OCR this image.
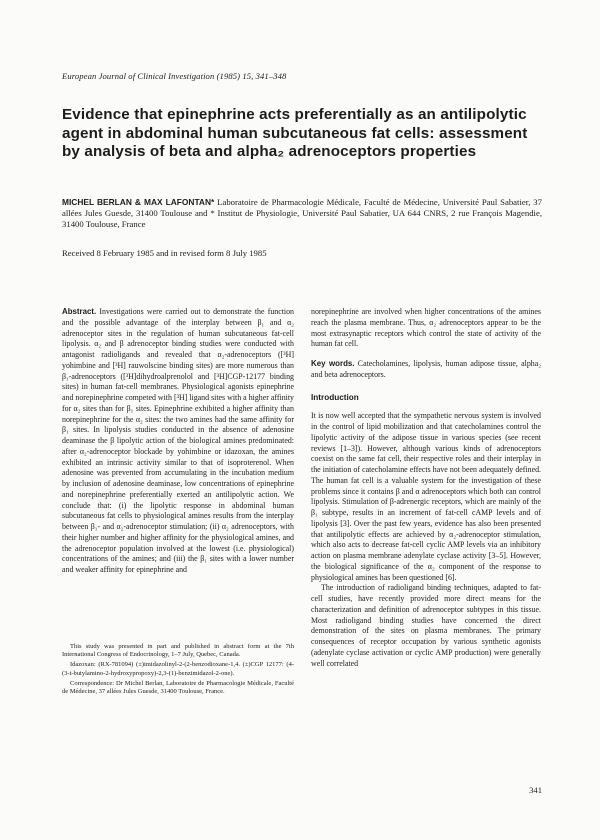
European Journal of Clinical Investigation (1985) 15, 341–348
Evidence that epinephrine acts preferentially as an antilipolytic agent in abdominal human subcutaneous fat cells: assessment by analysis of beta and alpha₂ adrenoceptors properties
MICHEL BERLAN & MAX LAFONTAN* Laboratoire de Pharmacologie Médicale, Faculté de Médecine, Université Paul Sabatier, 37 allées Jules Guesde, 31400 Toulouse and * Institut de Physiologie, Université Paul Sabatier, UA 644 CNRS, 2 rue François Magendie, 31400 Toulouse, France
Received 8 February 1985 and in revised form 8 July 1985

Abstract. Investigations were carried out to demonstrate the function and the possible advantage of the interplay between β₁ and α₂ adrenoceptor sites in the regulation of human subcutaneous fat-cell lipolysis. α₂ and β adrenoceptor binding studies were conducted with antagonist radioligands and revealed that α₂-adrenoceptors ([³H] yohimbine and [³H] rauwolscine binding sites) are more numerous than β₁-adrenoceptors ([³H]dihydroalprenolol and [³H]CGP-12177 binding sites) in human fat-cell membranes. Physiological agonists epinephrine and norepinephrine competed with [³H] ligand sites with a higher affinity for α₂ sites than for β₁ sites. Epinephrine exhibited a higher affinity than norepinephrine for the α₂ sites: the two amines had the same affinity for β₁ sites. In lipolysis studies conducted in the absence of adenosine deaminase the β lipolytic action of the biological amines predominated: after α₂-adrenoceptor blockade by yohimbine or idazoxan, the amines exhibited an intrinsic activity similar to that of isoproterenol. When adenosine was prevented from accumulating in the incubation medium by inclusion of adenosine deaminase, low concentrations of epinephrine and norepinephrine preferentially exerted an antilipolytic action. We conclude that: (i) the lipolytic response in abdominal human subcutaneous fat cells to physiological amines results from the interplay between β₁- and α₂-adrenoceptor stimulation; (ii) α₂ adrenoceptors, with their higher number and higher affinity for the physiological amines, and the adrenoceptor population involved at the lowest (i.e. physiological) concentrations of the amines; and (iii) the β₁ sites with a lower number and weaker affinity for epinephrine and

This study was presented in part and published in abstract form at the 7th International Congress of Endocrinology, 1–7 July, Quebec, Canada.

Idazoxan: (RX-781094) (±)imidazolinyl-2-(2-benzodioxane-1,4. (±)CGP 12177: (4-(3-t-butylamino-2-hydroxypropoxy)-2,3-(1)-benzimidazol-2-one).

Correspondence: Dr Michel Berlan, Laboratoire de Pharmacologie Médicale, Faculté de Médecine, 37 allées Jules Guesde, 31400 Toulouse, France.

norepinephrine are involved when higher concentrations of the amines reach the plasma membrane. Thus, α₂ adrenoceptors appear to be the most extrasynaptic receptors which control the state of activity of the human fat cell.

Key words. Catecholamines, lipolysis, human adipose tissue, alpha₂ and beta adrenoceptors.

Introduction

It is now well accepted that the sympathetic nervous system is involved in the control of lipid mobilization and that catecholamines control the lipolytic activity of the adipose tissue in various species (see recent reviews [1–3]). However, although various kinds of adrenoceptors coexist on the same fat cell, their respective roles and their interplay in the initiation of catecholamine effects have not been adequately defined. The human fat cell is a valuable system for the investigation of these problems since it contains β and α adrenoceptors which both can control lipolysis. Stimulation of β-adrenergic receptors, which are mainly of the β₁ subtype, results in an increment of fat-cell cAMP levels and of lipolysis [3]. Over the past few years, evidence has also been presented that antilipolytic effects are achieved by α₂-adrenoceptor stimulation, which also acts to decrease fat-cell cyclic AMP levels via an inhibitory action on plasma membrane adenylate cyclase activity [3–5]. However, the biological significance of the α₂ component of the response to physiological amines has been questioned [6].

The introduction of radioligand binding techniques, adapted to fat-cell studies, have recently provided more direct means for the characterization and definition of adrenoceptor subtypes in this tissue. Most radioligand binding studies have concerned the direct demonstration of the sites on plasma membranes. The primary consequences of receptor occupation by various synthetic agonists (adenylate cyclase activation or cyclic AMP production) were generally well correlated

341
